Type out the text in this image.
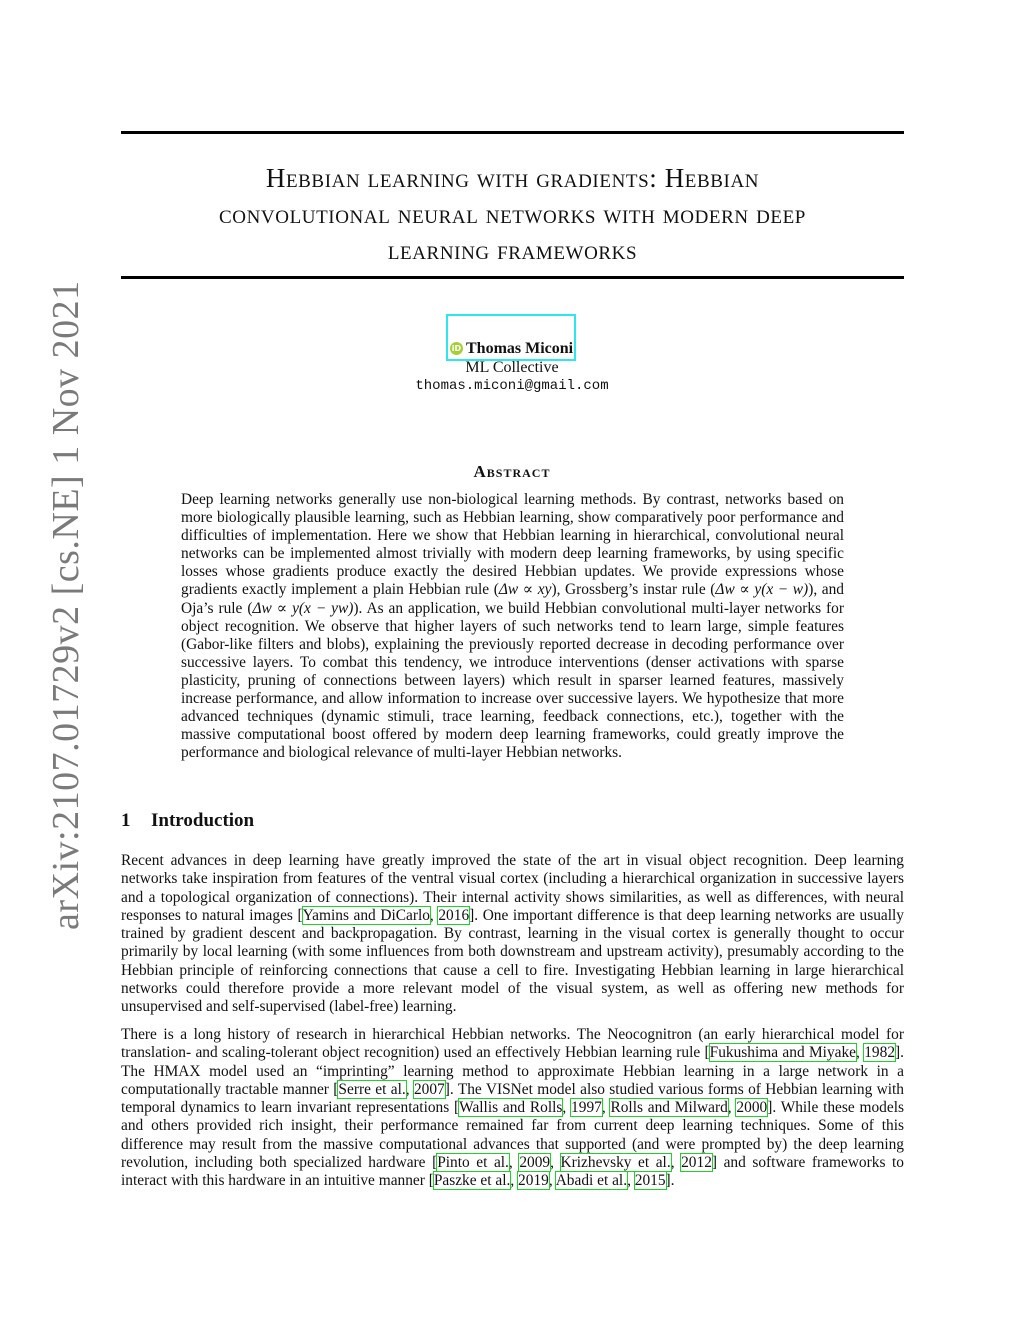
arXiv:2107.01729v2 [cs.NE] 1 Nov 2021
Hebbian learning with gradients: Hebbian
convolutional neural networks with modern deep
learning frameworks
iD Thomas Miconi
ML Collective
thomas.miconi@gmail.com
Abstract
Deep learning networks generally use non-biological learning methods. By contrast, networks based on more biologically plausible learning, such as Hebbian learning, show comparatively poor performance and difficulties of implementation. Here we show that Hebbian learning in hierarchical, convolutional neural networks can be implemented almost trivially with modern deep learning frameworks, by using specific losses whose gradients produce exactly the desired Hebbian updates. We provide expressions whose gradients exactly implement a plain Hebbian rule (Δw ∝ xy), Grossberg’s instar rule (Δw ∝ y(x − w)), and Oja’s rule (Δw ∝ y(x − yw)). As an application, we build Hebbian convolutional multi-layer networks for object recognition. We observe that higher layers of such networks tend to learn large, simple features (Gabor-like filters and blobs), explaining the previously reported decrease in decoding performance over successive layers. To combat this tendency, we introduce interventions (denser activations with sparse plasticity, pruning of connections between layers) which result in sparser learned features, massively increase performance, and allow information to increase over successive layers. We hypothesize that more advanced techniques (dynamic stimuli, trace learning, feedback connections, etc.), together with the massive computational boost offered by modern deep learning frameworks, could greatly improve the performance and biological relevance of multi-layer Hebbian networks.
1 Introduction
Recent advances in deep learning have greatly improved the state of the art in visual object recognition. Deep learning networks take inspiration from features of the ventral visual cortex (including a hierarchical organization in successive layers and a topological organization of connections). Their internal activity shows similarities, as well as differences, with neural responses to natural images [Yamins and DiCarlo, 2016]. One important difference is that deep learning networks are usually trained by gradient descent and backpropagation. By contrast, learning in the visual cortex is generally thought to occur primarily by local learning (with some influences from both downstream and upstream activity), presumably according to the Hebbian principle of reinforcing connections that cause a cell to fire. Investigating Hebbian learning in large hierarchical networks could therefore provide a more relevant model of the visual system, as well as offering new methods for unsupervised and self-supervised (label-free) learning.
There is a long history of research in hierarchical Hebbian networks. The Neocognitron (an early hierarchical model for translation- and scaling-tolerant object recognition) used an effectively Hebbian learning rule [Fukushima and Miyake, 1982]. The HMAX model used an “imprinting” learning method to approximate Hebbian learning in a large network in a computationally tractable manner [Serre et al., 2007]. The VISNet model also studied various forms of Hebbian learning with temporal dynamics to learn invariant representations [Wallis and Rolls, 1997, Rolls and Milward, 2000]. While these models and others provided rich insight, their performance remained far from current deep learning techniques. Some of this difference may result from the massive computational advances that supported (and were prompted by) the deep learning revolution, including both specialized hardware [Pinto et al., 2009, Krizhevsky et al., 2012] and software frameworks to interact with this hardware in an intuitive manner [Paszke et al., 2019, Abadi et al., 2015].
